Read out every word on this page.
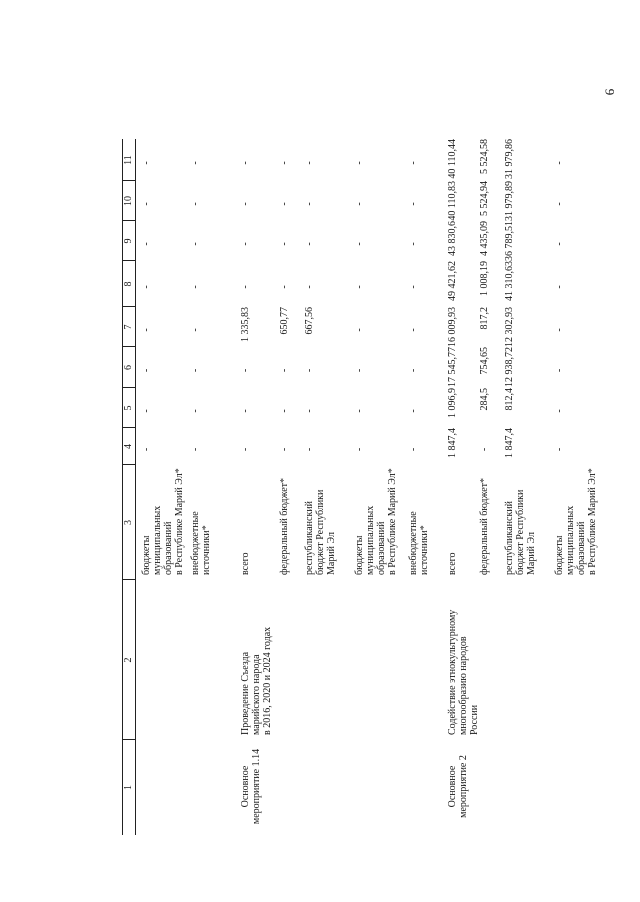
9
1
2
3
4
5
6
7
8
9
10
11
бюджеты
муниципальных
образований
в Республике Марий Эл*
-
-
-
-
-
-
-
-
внебюджетные
источники*
-
-
-
-
-
-
-
-
Основное
мероприятие 1.14
Проведение Съезда
марийского народа
в 2016, 2020 и 2024 годах
всего
-
-
-
1 335,83
-
-
-
-
федеральный бюджет*
-
-
-
650,77
-
-
-
-
республиканский
бюджет Республики
Марий Эл
-
-
-
667,56
-
-
-
-
бюджеты
муниципальных
образований
в Республике Марий Эл*
-
-
-
-
-
-
-
-
внебюджетные
источники*
-
-
-
-
-
-
-
-
Основное
мероприятие 2
Содействие этнокультурному
многообразию народов
России
всего
1 847,4
1 096,9
17 545,77
16 009,93
49 421,62
43 830,6
40 110,83
40 110,44
федеральный бюджет*
-
284,5
754,65
817,2
1 008,19
4 435,09
5 524,94
5 524,58
республиканский
бюджет Республики
Марий Эл
1 847,4
812,4
12 938,72
12 302,93
41 310,63
36 789,51
31 979,89
31 979,86
бюджеты
муниципальных
образований
в Республике Марий Эл*
-
-
-
-
-
-
-
-
